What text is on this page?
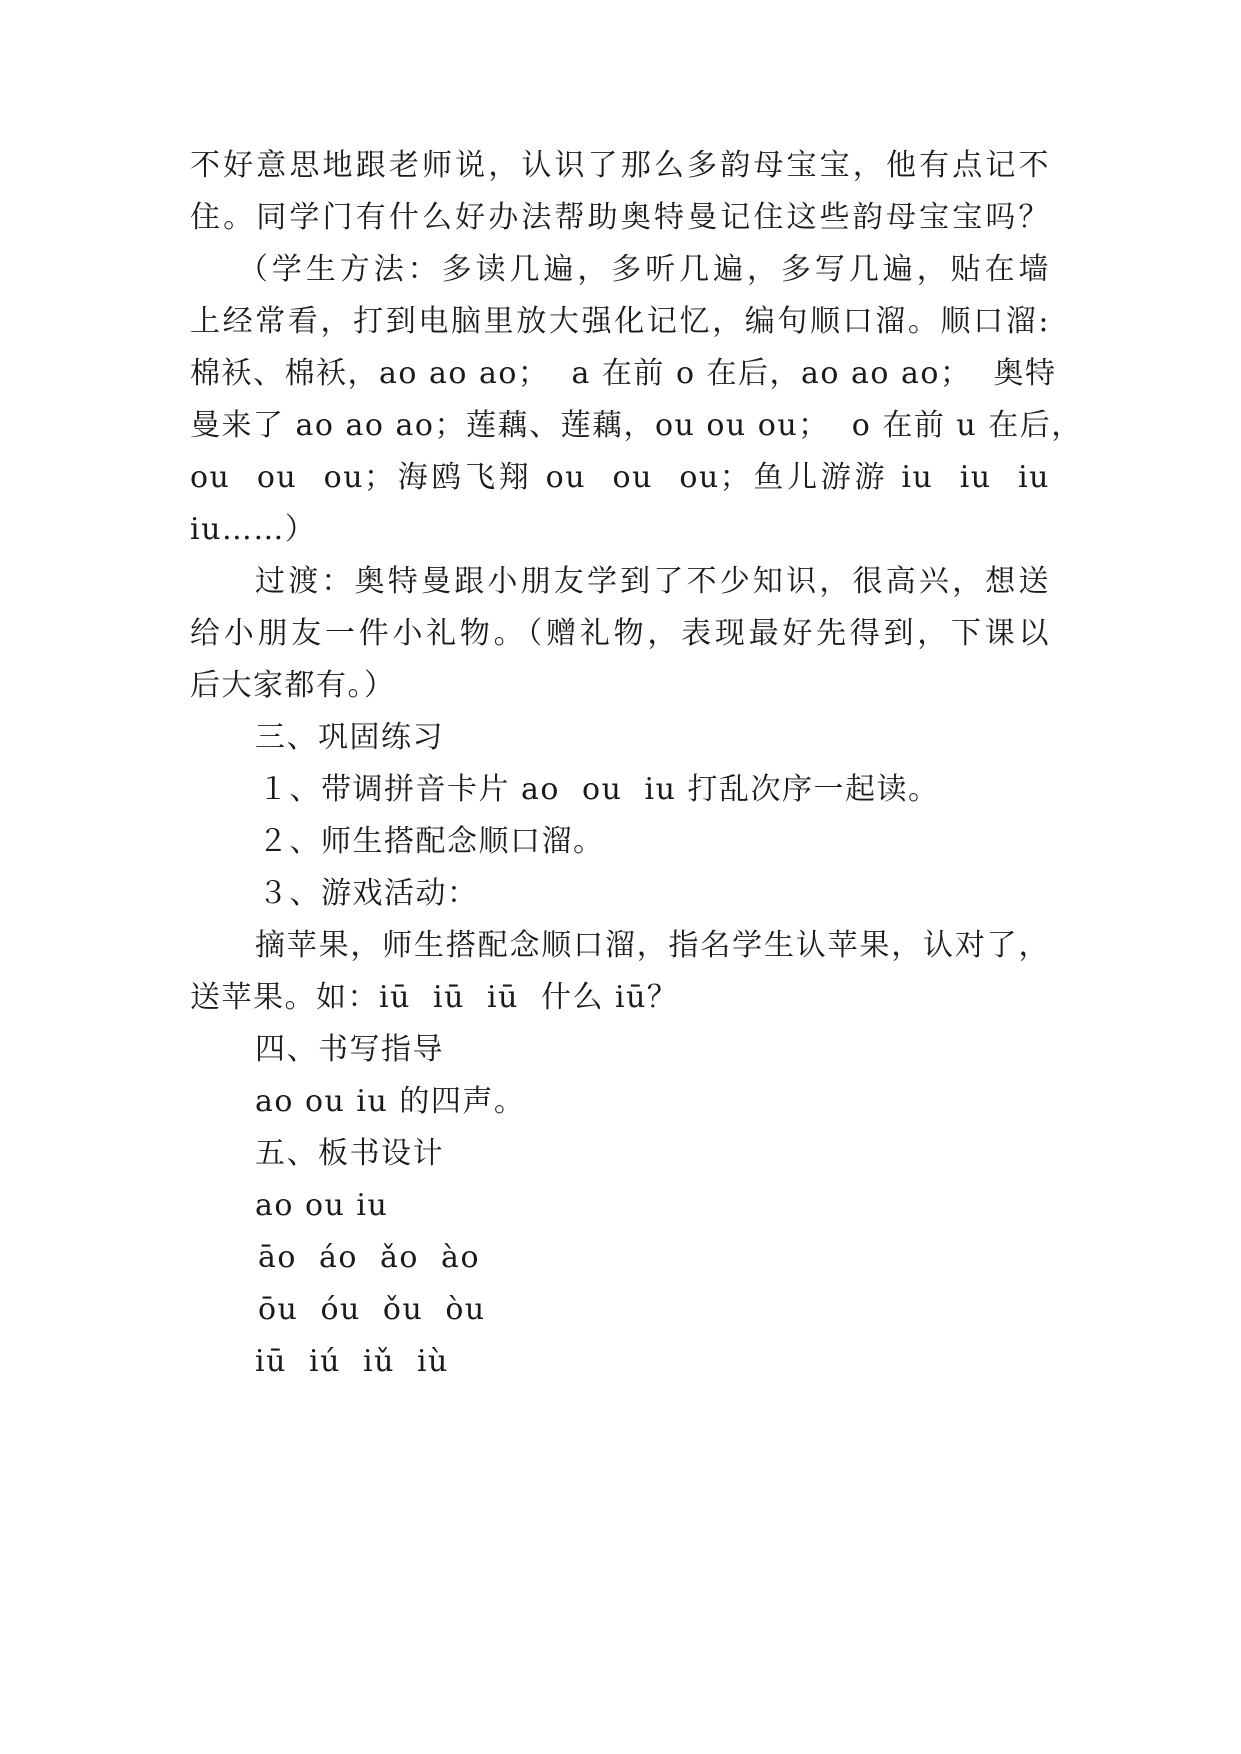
不好意思地跟老师说，认识了那么多韵母宝宝，他有点记不
住。同学门有什么好办法帮助奥特曼记住这些韵母宝宝吗？
（学生方法：多读几遍，多听几遍，多写几遍，贴在墙
上经常看，打到电脑里放大强化记忆，编句顺口溜。顺口溜:
棉袄、棉袄，ao ao ao；  a 在前 o 在后，ao ao ao；  奥特
曼来了 ao ao ao；莲藕、莲藕，ou ou ou；  o 在前 u 在后，
ou  ou  ou；海鸥飞翔 ou  ou  ou；鱼儿游游 iu  iu  iu
iu……）
过渡：奥特曼跟小朋友学到了不少知识，很高兴，想送
给小朋友一件小礼物。（赠礼物，表现最好先得到，下课以
后大家都有。）
三、巩固练习
１、带调拼音卡片 ao  ou  iu 打乱次序一起读。
２、师生搭配念顺口溜。
３、游戏活动：
摘苹果，师生搭配念顺口溜，指名学生认苹果，认对了，
送苹果。如：iū  iū  iū  什么 iū？
四、书写指导
ao ou iu 的四声。
五、板书设计
ao ou iu
āo  áo  ǎo  ào
ōu  óu  ǒu  òu
iū  iú  iǔ  iù
